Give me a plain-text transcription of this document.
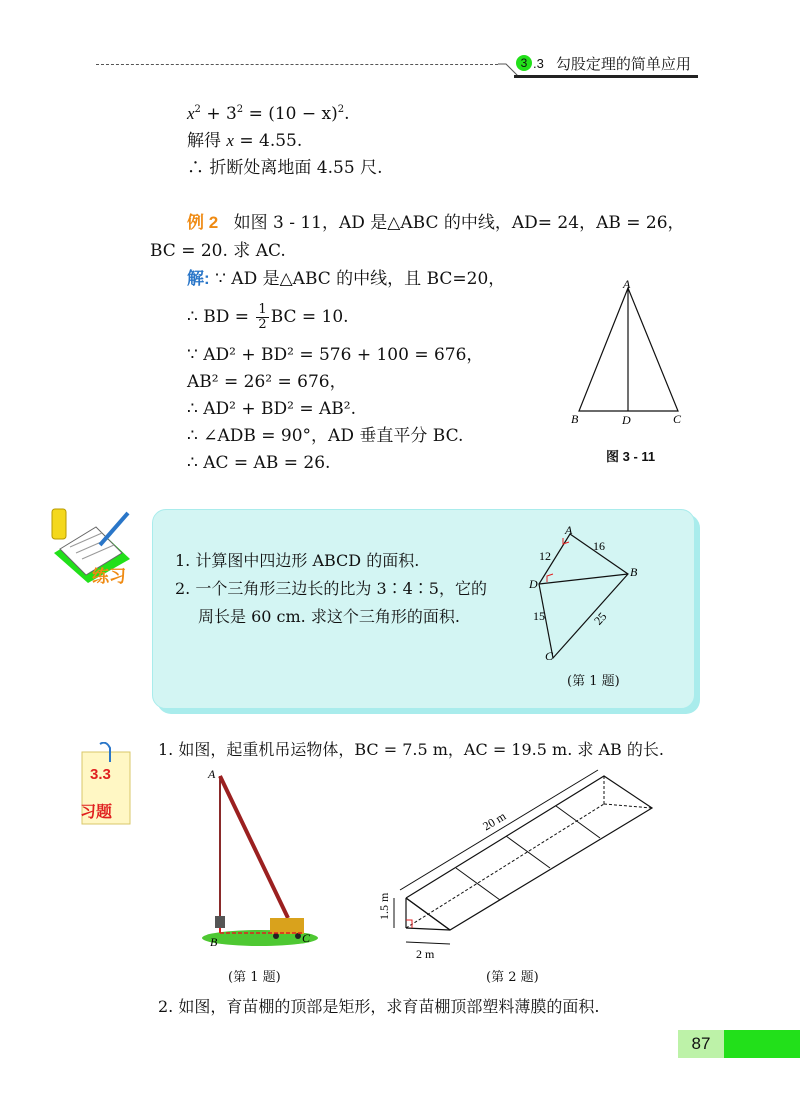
3 .3 勾股定理的简单应用
$x^2 + 3^2 = (10 - x)^2$.
解得 x = 4.55.
∴ 折断处离地面 4.55 尺.
例 2 如图 3 - 11，AD 是△ABC 的中线，AD= 24，AB = 26，
BC = 20. 求 AC.
解: ∵ AD 是△ABC 的中线，且 BC=20，
∴ BD = $\frac{1}{2}$ BC = 10.
∵ AD² + BD² = 576 + 100 = 676，
AB² = 26² = 676，
∴ AD² + BD² = AB².
∴ ∠ADB = 90°，AD 垂直平分 BC.
∴ AC = AB = 26.
A
B	D	C
图 3 - 11
练习
1. 计算图中四边形 ABCD 的面积.
2. 一个三角形三边长的比为 3∶4∶5，它的
周长是 60 cm. 求这个三角形的面积.
A
B
C
D
12
16
15	25
(第 1 题)
3.3
习题
1. 如图，起重机吊运物体，BC = 7.5 m，AC = 19.5 m. 求 AB 的长.
A
B	C
(第 1 题)
20 m
1.5 m
2 m
(第 2 题)
2. 如图，育苗棚的顶部是矩形，求育苗棚顶部塑料薄膜的面积.
87
